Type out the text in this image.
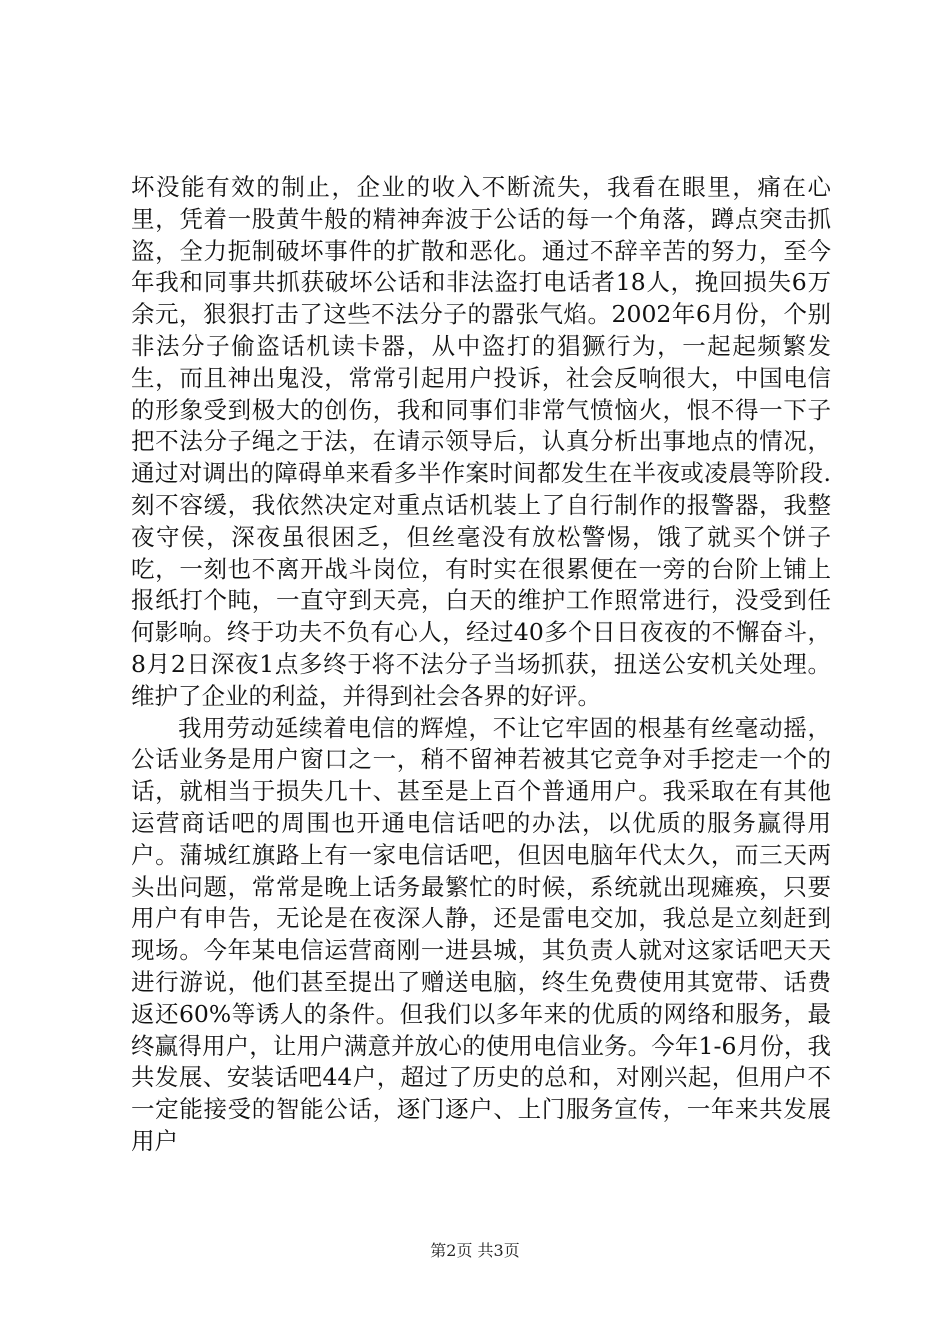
坏没能有效的制止，企业的收入不断流失，我看在眼里，痛在心里，凭着一股黄牛般的精神奔波于公话的每一个角落，蹲点突击抓盗，全力扼制破坏事件的扩散和恶化。通过不辞辛苦的努力，至今年我和同事共抓获破坏公话和非法盗打电话者18人，挽回损失6万余元，狠狠打击了这些不法分子的嚣张气焰。2002年6月份，个别非法分子偷盗话机读卡器，从中盗打的猖獗行为，一起起频繁发生，而且神出鬼没，常常引起用户投诉，社会反响很大，中国电信的形象受到极大的创伤，我和同事们非常气愤恼火，恨不得一下子把不法分子绳之于法，在请示领导后，认真分析出事地点的情况，通过对调出的障碍单来看多半作案时间都发生在半夜或凌晨等阶段.刻不容缓，我依然决定对重点话机装上了自行制作的报警器，我整夜守侯，深夜虽很困乏，但丝毫没有放松警惕，饿了就买个饼子吃，一刻也不离开战斗岗位，有时实在很累便在一旁的台阶上铺上报纸打个盹，一直守到天亮，白天的维护工作照常进行，没受到任何影响。终于功夫不负有心人，经过40多个日日夜夜的不懈奋斗，8月2日深夜1点多终于将不法分子当场抓获，扭送公安机关处理。维护了企业的利益，并得到社会各界的好评。

我用劳动延续着电信的辉煌，不让它牢固的根基有丝毫动摇，公话业务是用户窗口之一，稍不留神若被其它竞争对手挖走一个的话，就相当于损失几十、甚至是上百个普通用户。我采取在有其他运营商话吧的周围也开通电信话吧的办法，以优质的服务赢得用户。蒲城红旗路上有一家电信话吧，但因电脑年代太久，而三天两头出问题，常常是晚上话务最繁忙的时候，系统就出现瘫痪，只要用户有申告，无论是在夜深人静，还是雷电交加，我总是立刻赶到现场。今年某电信运营商刚一进县城，其负责人就对这家话吧天天进行游说，他们甚至提出了赠送电脑，终生免费使用其宽带、话费返还60%等诱人的条件。但我们以多年来的优质的网络和服务，最终赢得用户，让用户满意并放心的使用电信业务。今年1-6月份，我共发展、安装话吧44户，超过了历史的总和，对刚兴起，但用户不一定能接受的智能公话，逐门逐户、上门服务宣传，一年来共发展用户

第2页 共3页
